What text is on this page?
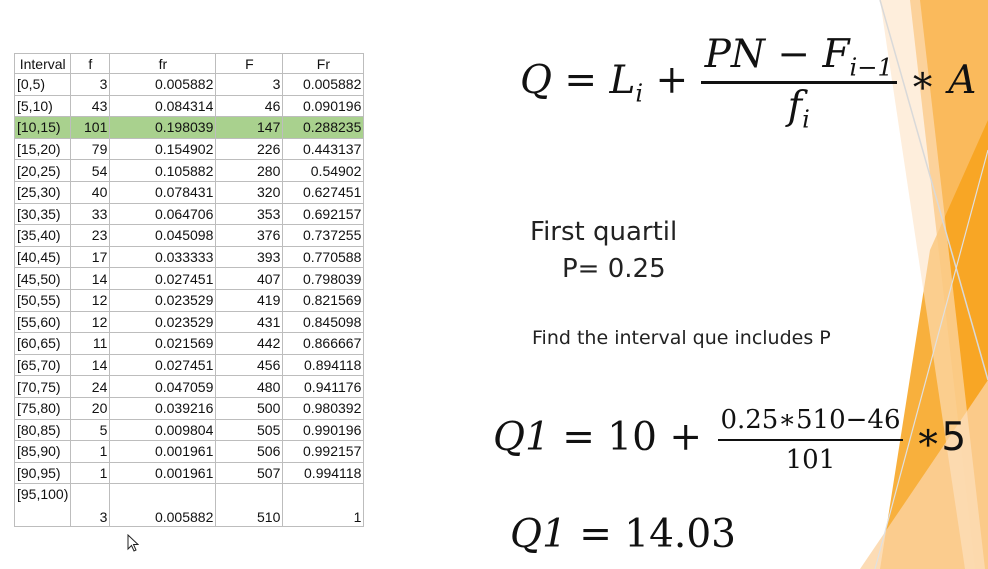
Interval	f	fr	F	Fr
[0,5)	3	0.005882	3	0.005882
[5,10)	43	0.084314	46	0.090196
[10,15)	101	0.198039	147	0.288235
[15,20)	79	0.154902	226	0.443137
[20,25)	54	0.105882	280	0.54902
[25,30)	40	0.078431	320	0.627451
[30,35)	33	0.064706	353	0.692157
[35,40)	23	0.045098	376	0.737255
[40,45)	17	0.033333	393	0.770588
[45,50)	14	0.027451	407	0.798039
[50,55)	12	0.023529	419	0.821569
[55,60)	12	0.023529	431	0.845098
[60,65)	11	0.021569	442	0.866667
[65,70)	14	0.027451	456	0.894118
[70,75)	24	0.047059	480	0.941176
[75,80)	20	0.039216	500	0.980392
[80,85)	5	0.009804	505	0.990196
[85,90)	1	0.001961	506	0.992157
[90,95)	1	0.001961	507	0.994118
[95,100)	3	0.005882	510	1
$Q = L_i + \frac{PN - F_{i-1}}{f_i}$ ∗ A
First quartil
P= 0.25
Find the interval que includes P
$Q1 = 10 + \frac{0.25∗510-46}{101}$ ∗5
Q1 = 14.03
